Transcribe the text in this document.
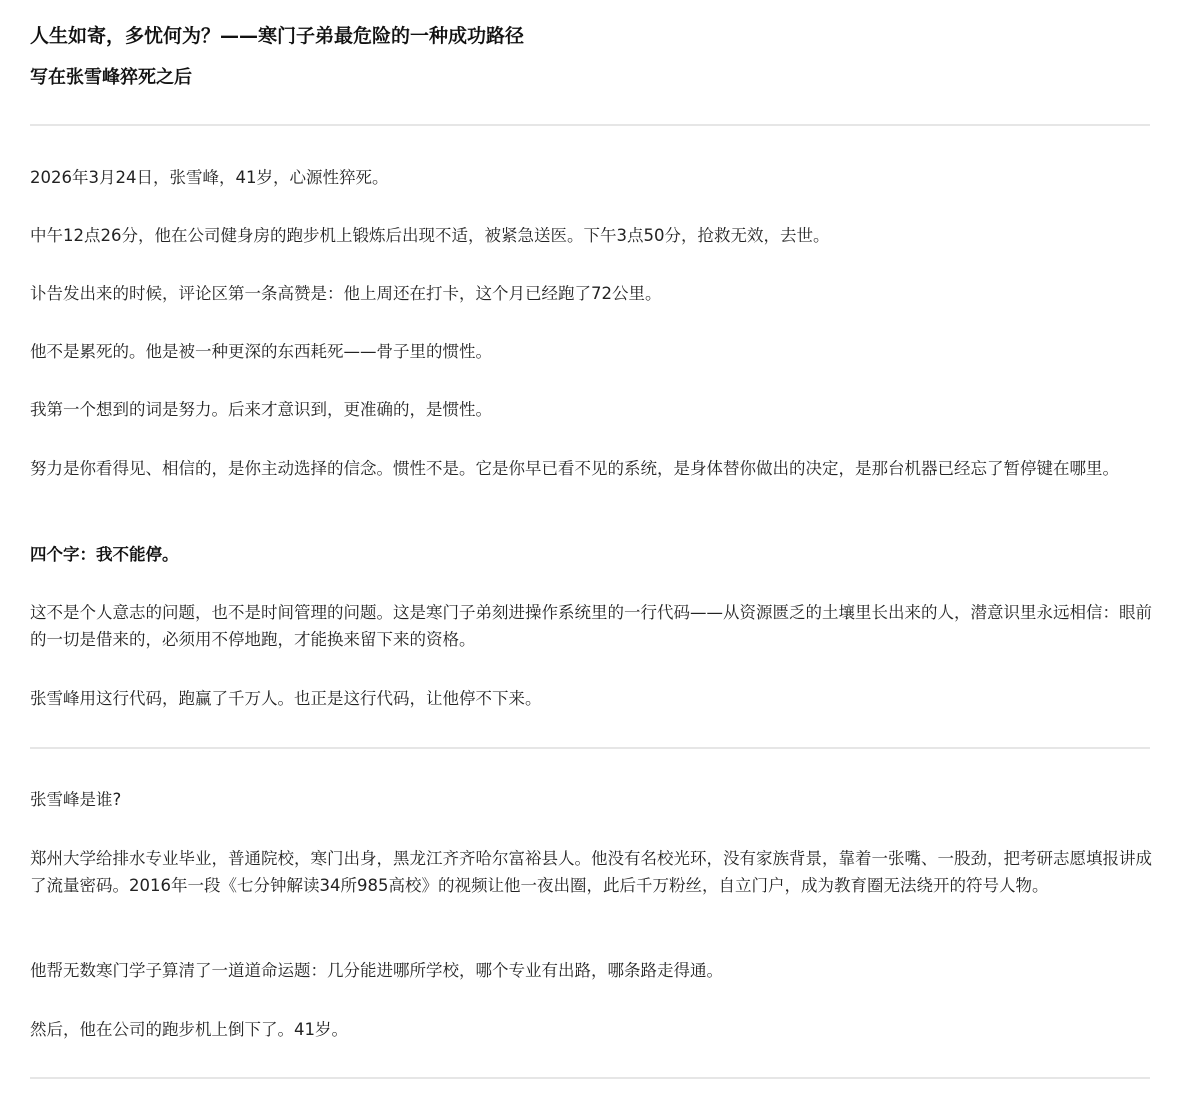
人生如寄，多忧何为？——寒门子弟最危险的一种成功路径
写在张雪峰猝死之后

2026年3月24日，张雪峰，41岁，心源性猝死。

中午12点26分，他在公司健身房的跑步机上锻炼后出现不适，被紧急送医。下午3点50分，抢救无效，去世。

讣告发出来的时候，评论区第一条高赞是：他上周还在打卡，这个月已经跑了72公里。

他不是累死的。他是被一种更深的东西耗死——骨子里的惯性。

我第一个想到的词是努力。后来才意识到，更准确的，是惯性。

努力是你看得见、相信的，是你主动选择的信念。惯性不是。它是你早已看不见的系统，是身体替你做出的决定，是那台机器已经忘了暂停键在哪里。

四个字：我不能停。

这不是个人意志的问题，也不是时间管理的问题。这是寒门子弟刻进操作系统里的一行代码——从资源匮乏的土壤里长出来的人，潜意识里永远相信：眼前的一切是借来的，必须用不停地跑，才能换来留下来的资格。

张雪峰用这行代码，跑赢了千万人。也正是这行代码，让他停不下来。

张雪峰是谁?

郑州大学给排水专业毕业，普通院校，寒门出身，黑龙江齐齐哈尔富裕县人。他没有名校光环，没有家族背景，靠着一张嘴、一股劲，把考研志愿填报讲成了流量密码。2016年一段《七分钟解读34所985高校》的视频让他一夜出圈，此后千万粉丝，自立门户，成为教育圈无法绕开的符号人物。

他帮无数寒门学子算清了一道道命运题：几分能进哪所学校，哪个专业有出路，哪条路走得通。

然后，他在公司的跑步机上倒下了。41岁。
